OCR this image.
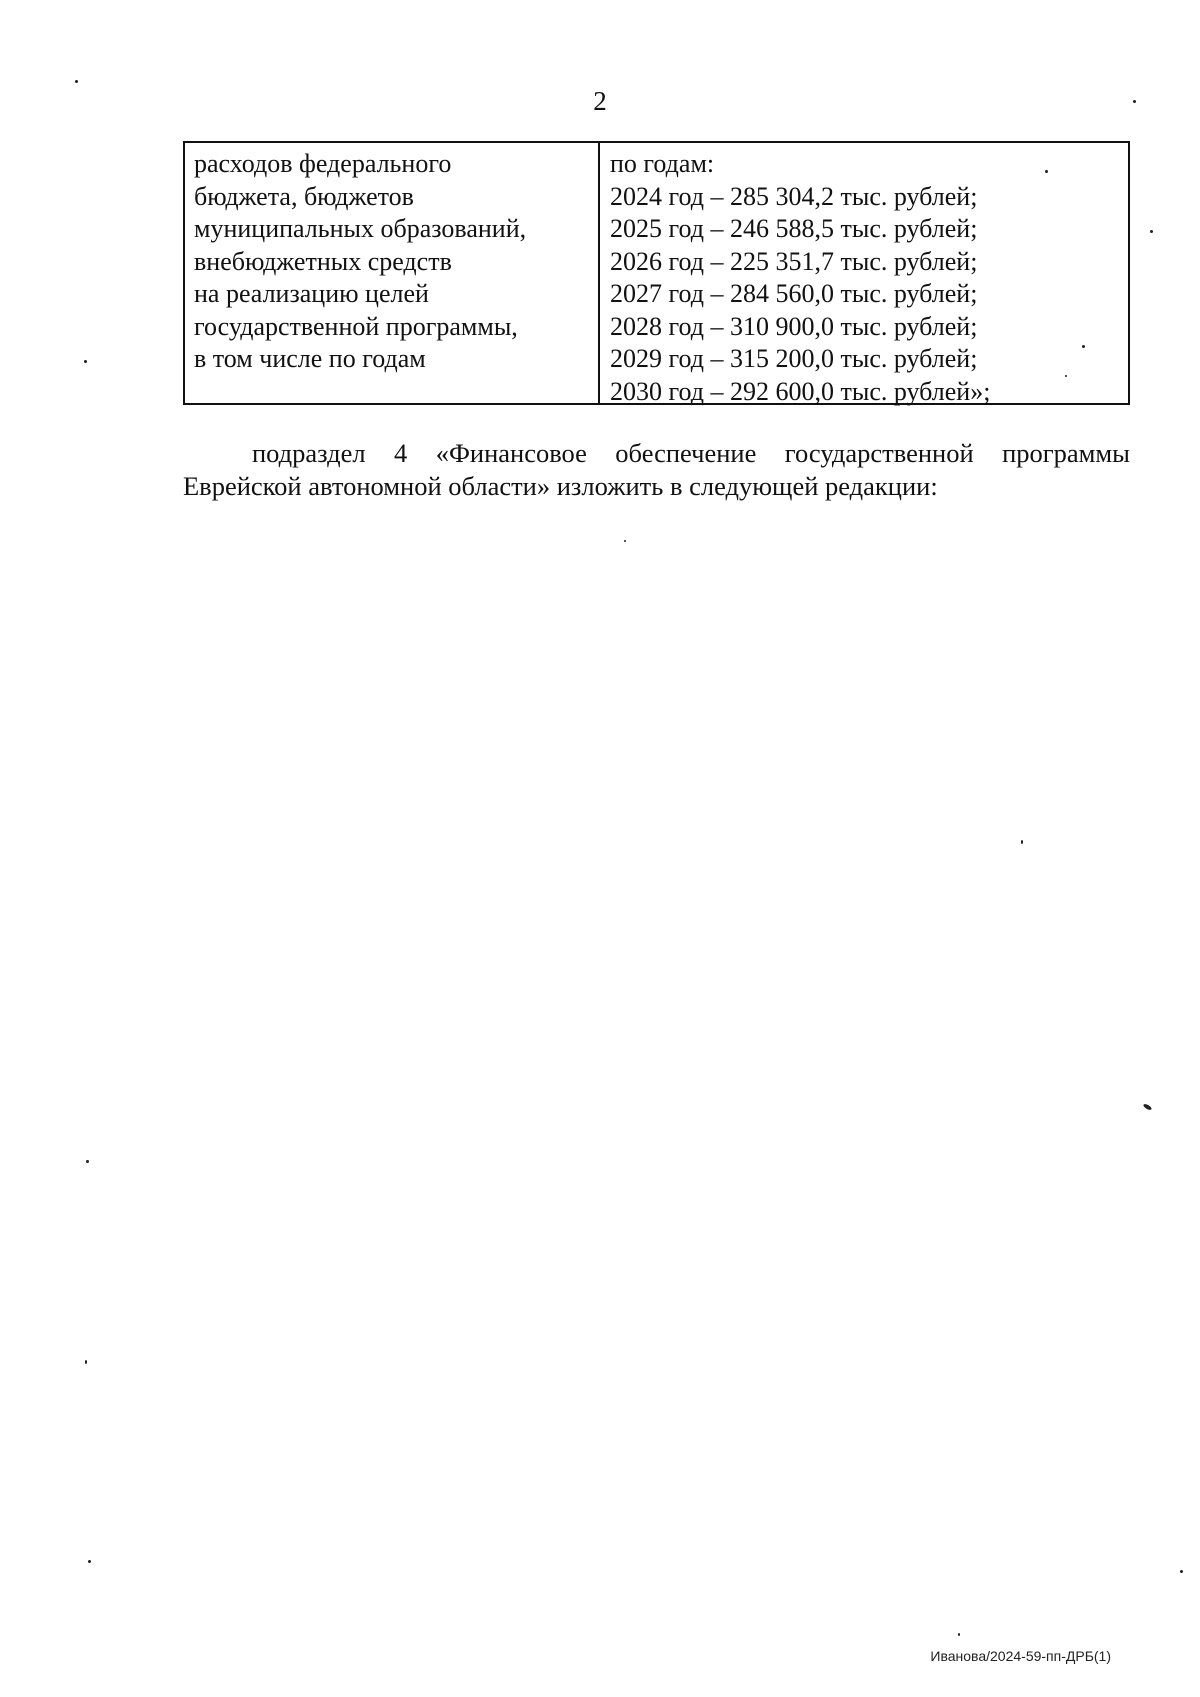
2
расходов федерального
бюджета, бюджетов
муниципальных образований,
внебюджетных средств
на реализацию целей
государственной программы,
в том числе по годам
по годам:
2024 год – 285 304,2 тыс. рублей;
2025 год – 246 588,5 тыс. рублей;
2026 год – 225 351,7 тыс. рублей;
2027 год – 284 560,0 тыс. рублей;
2028 год – 310 900,0 тыс. рублей;
2029 год – 315 200,0 тыс. рублей;
2030 год – 292 600,0 тыс. рублей»;
подраздел 4 «Финансовое обеспечение государственной программы
Еврейской автономной области» изложить в следующей редакции:
Иванова/2024-59-пп-ДРБ(1)
